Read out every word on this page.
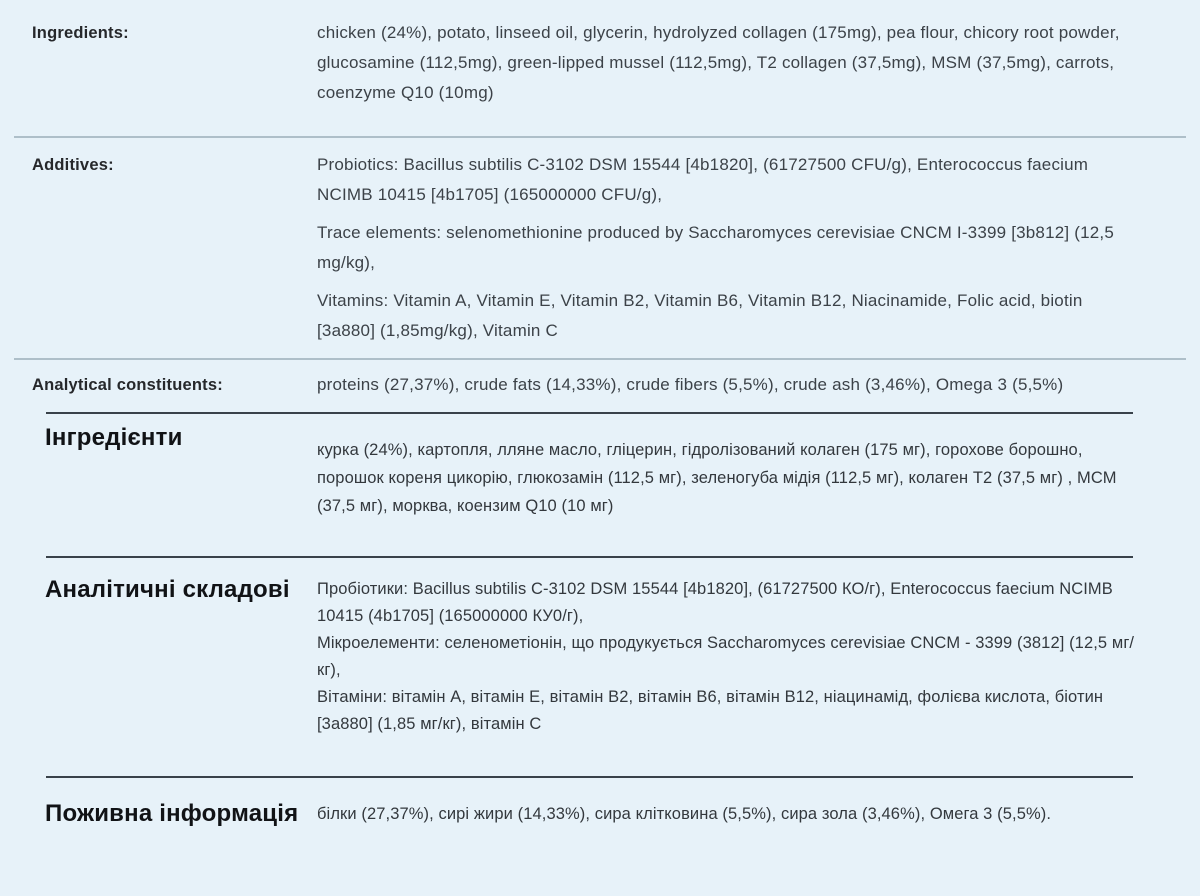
Ingredients:	chicken (24%), potato, linseed oil, glycerin, hydrolyzed collagen (175mg), pea flour, chicory root powder, glucosamine (112,5mg), green-lipped mussel (112,5mg), T2 collagen (37,5mg), MSM (37,5mg), carrots, coenzyme Q10 (10mg)

Additives:	Probiotics: Bacillus subtilis C-3102 DSM 15544 [4b1820], (61727500 CFU/g), Enterococcus faecium NCIMB 10415 [4b1705] (165000000 CFU/g),

Trace elements: selenomethionine produced by Saccharomyces cerevisiae CNCM I-3399 [3b812] (12,5 mg/kg),

Vitamins: Vitamin A, Vitamin E, Vitamin B2, Vitamin B6, Vitamin B12, Niacinamide, Folic acid, biotin [3a880] (1,85mg/kg), Vitamin C

Analytical constituents:	proteins (27,37%), crude fats (14,33%), crude fibers (5,5%), crude ash (3,46%), Omega 3 (5,5%)

Інгредієнти	курка (24%), картопля, лляне масло, гліцерин, гідролізований колаген (175 мг), горохове борошно, порошок кореня цикорію, глюкозамін (112,5 мг), зеленогуба мідія (112,5 мг), колаген Т2 (37,5 мг) , МСМ (37,5 мг), морква, коензим Q10 (10 мг)

Аналітичні складові	Пробіотики: Bacillus subtilis C-3102 DSM 15544 [4b1820], (61727500 КО/г), Enterococcus faecium NCIMB 10415 (4b1705] (165000000 КУ0/г),

Мікроелементи: селенометіонін, що продукується Saccharomyces cerevisiae CNCM - 3399 (3812] (12,5 мг/кг),

Вітаміни: вітамін А, вітамін Е, вітамін В2, вітамін В6, вітамін В12, ніацинамід, фолієва кислота, біотин [3а880] (1,85 мг/кг), вітамін С

Поживна інформація	білки (27,37%), сирі жири (14,33%), сира клітковина (5,5%), сира зола (3,46%), Омега 3 (5,5%).
